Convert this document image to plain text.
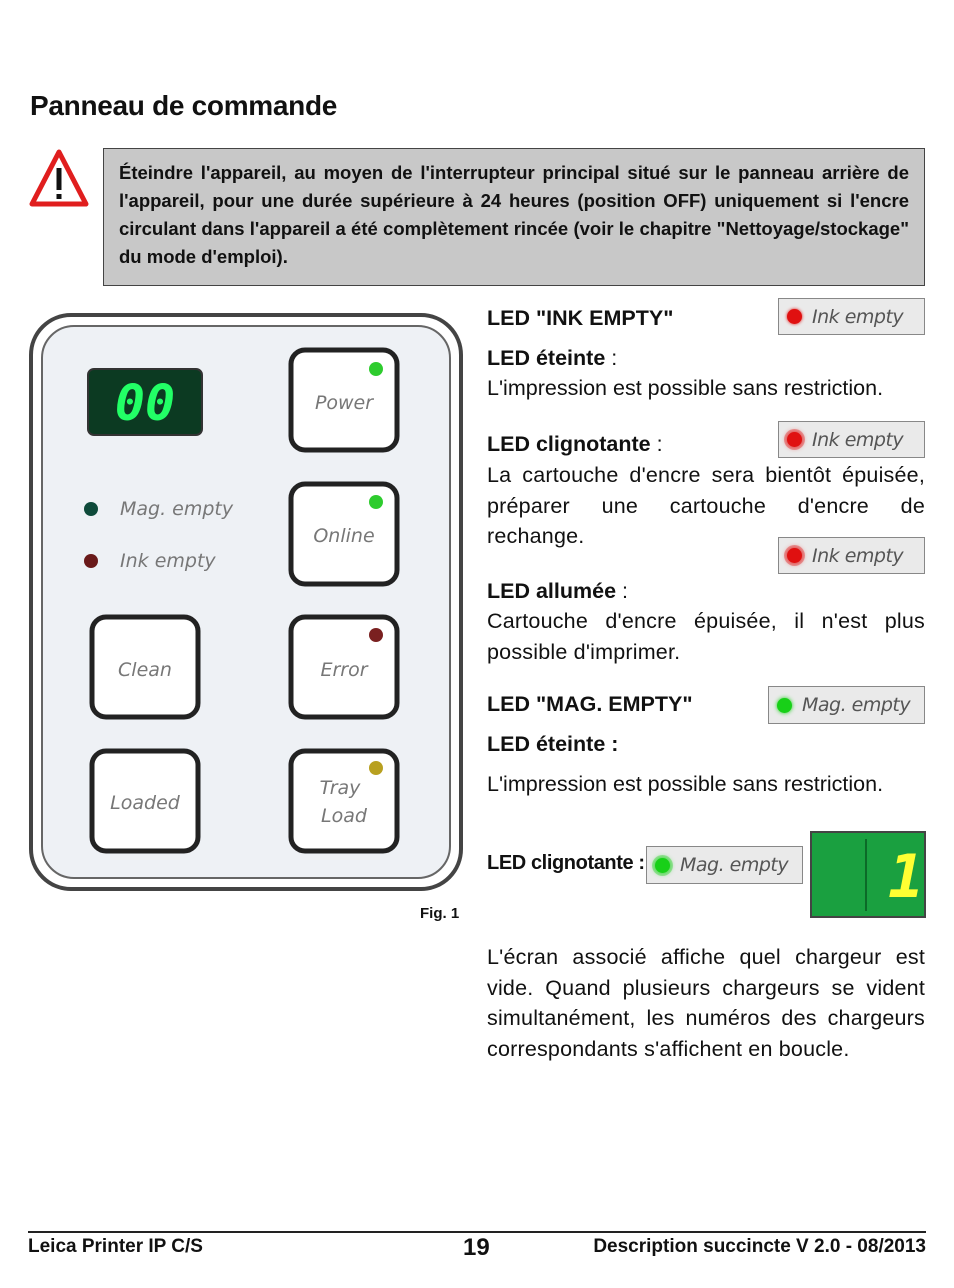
Panneau de commande
Éteindre l'appareil, au moyen de l'interrupteur principal situé sur le panneau arrière de l'appareil, pour une durée supérieure à 24 heures (position OFF) uniquement si l'encre circulant dans l'appareil a été complètement rincée (voir le chapitre "Nettoyage/stockage" du mode d'emploi).
00
Mag. empty
Ink empty
Power
Online
Clean	Error
Loaded
Tray
Load
Fig. 1
LED "INK EMPTY"	Ink empty
LED éteinte :
L'impression est possible sans restriction.
LED clignotante :	Ink empty
La cartouche d'encre sera bientôt épuisée, préparer une cartouche d'encre de rechange.
Ink empty
LED allumée :
Cartouche d'encre épuisée, il n'est plus possible d'imprimer.
LED "MAG. EMPTY"	Mag. empty
LED éteinte :
L'impression est possible sans restriction.
LED clignotante : Mag. empty 1
L'écran associé affiche quel chargeur est vide. Quand plusieurs chargeurs se vident simultanément, les numéros des chargeurs correspondants s'affichent en boucle.
Leica Printer IP C/S	19	Description succincte V 2.0 - 08/2013
